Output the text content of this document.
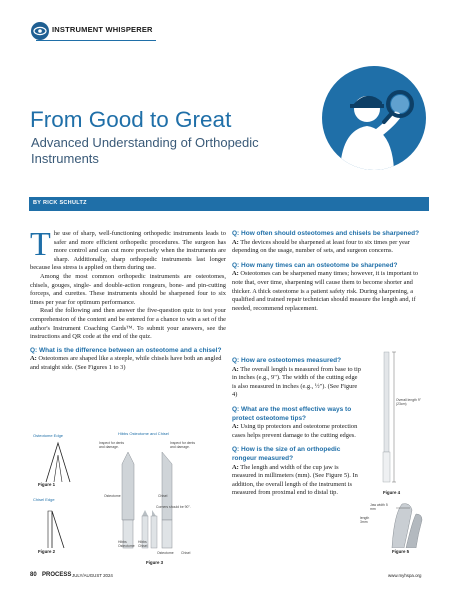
INSTRUMENT WHISPERER
From Good to Great
Advanced Understanding of Orthopedic Instruments
BY RICK SCHULTZ
T he use of sharp, well-functioning orthopedic instruments leads to safer and more efficient orthopedic procedures. The surgeon has more control and can cut more precisely when the instruments are sharp. Additionally, sharp orthopedic instruments last longer because less stress is applied on them during use.

Among the most common orthopedic instruments are osteotomes, chisels, gouges, single- and double-action rongeurs, bone- and pin-cutting forceps, and curettes. These instruments should be sharpened four to six times per year for optimum performance.

Read the following and then answer the five-question quiz to test your comprehension of the content and be entered for a chance to win a set of the author's Instrument Coaching Cards™. To submit your answers, see the instructions and QR code at the end of the quiz.

Q: What is the difference between an osteotome and a chisel?

A: Osteotomes are shaped like a steeple, while chisels have both an angled and straight side. (See Figures 1 to 3)

Osteotome Edge
Figure 1
Chisel Edge
Figure 2
Hibbs Osteotome and Chisel
Inspect for dents and damage.
Inspect for dents and damage.
Osteotome	Chisel
Corners should be 90°.
Hibbs Osteotome
Hibbs Chisel
Osteotome Chisel
Figure 3

Q: How often should osteotomes and chisels be sharpened?

A: The devices should be sharpened at least four to six times per year depending on the usage, number of sets, and surgeon concerns.

Q: How many times can an osteotome be sharpened?

A: Osteotomes can be sharpened many times; however, it is important to note that, over time, sharpening will cause them to become shorter and thicker. A thick osteotome is a patient safety risk. During sharpening, a qualified and trained repair technician should measure the length and, if needed, recommend replacement.

Q: How are osteotomes measured?

A: The overall length is measured from base to tip in inches (e.g., 9"). The width of the cutting edge is also measured in inches (e.g., ½"). (See Figure 4)

Q: What are the most effective ways to protect osteotome tips?

A: Using tip protectors and osteotome protection cases helps prevent damage to the cutting edges.

Q: How is the size of an orthopedic rongeur measured?

A: The length and width of the cup jaw is measured in millimeters (mm). (See Figure 5). In addition, the overall length of the instrument is measured from proximal end to distal tip.

Overall length 9" (23cm)
Figure 4
Jaw width 5 mm
length 3mm
Figure 5
80 PROCESS JULY/AUGUST 2024	www.myhspa.org
